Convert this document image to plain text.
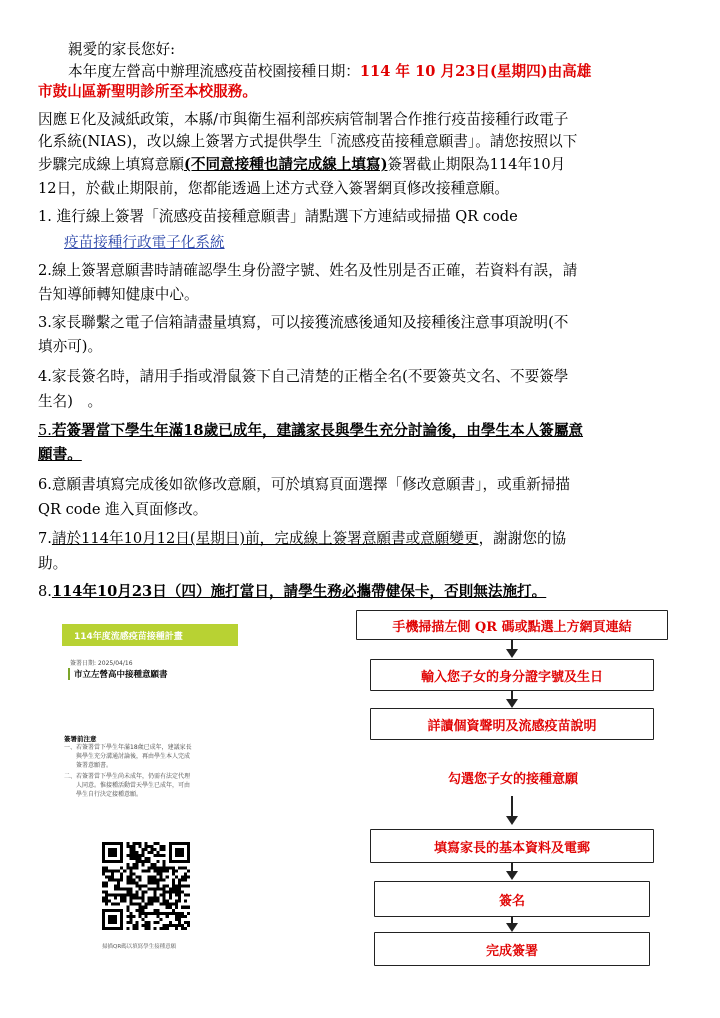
親愛的家長您好:
本年度左營高中辦理流感疫苗校園接種日期：114 年 10 月23日(星期四)由高雄
市鼓山區新聖明診所至本校服務。
因應Ｅ化及減紙政策，本縣/市與衛生福利部疾病管制署合作推行疫苗接種行政電子
化系統(NIAS)，改以線上簽署方式提供學生「流感疫苗接種意願書」。請您按照以下
步驟完成線上填寫意願(不同意接種也請完成線上填寫)簽署截止期限為114年10月
12日，於截止期限前，您都能透過上述方式登入簽署網頁修改接種意願。
1. 進行線上簽署「流感疫苗接種意願書」請點選下方連結或掃描 QR code
疫苗接種行政電子化系統
2.線上簽署意願書時請確認學生身份證字號、姓名及性別是否正確，若資料有誤，請
告知導師轉知健康中心。
3.家長聯繫之電子信箱請盡量填寫，可以接獲流感後通知及接種後注意事項說明(不
填亦可)。
4.家長簽名時，請用手指或滑鼠簽下自己清楚的正楷全名(不要簽英文名、不要簽學
生名)　。
5.若簽署當下學生年滿18歲已成年，建議家長與學生充分討論後，由學生本人簽屬意
願書。
6.意願書填寫完成後如欲修改意願，可於填寫頁面選擇「修改意願書」，或重新掃描
QR code 進入頁面修改。
7.請於114年10月12日(星期日)前，完成線上簽署意願書或意願變更，謝謝您的協
助。
8.114年10月23日（四）施打當日，請學生務必攜帶健保卡，否則無法施打。
114年度流感疫苗接種計畫
簽署日期: 2025/04/16
市立左營高中接種意願書
簽署前注意
一、若簽署當下學生年滿18歲已成年，建議家長
　　與學生充分溝通討論後，再由學生本人完成
　　簽署意願書。
二、若簽署當下學生尚未成年，仍需有法定代理
　　人同意。惟接種活動當天學生已成年，可由
　　學生自行決定接種意願。
掃描QR碼以填寫學生接種意願
手機掃描左側 QR 碼或點選上方網頁連結
輸入您子女的身分證字號及生日
詳讀個資聲明及流感疫苗說明
勾選您子女的接種意願
填寫家長的基本資料及電郵
簽名
完成簽署
